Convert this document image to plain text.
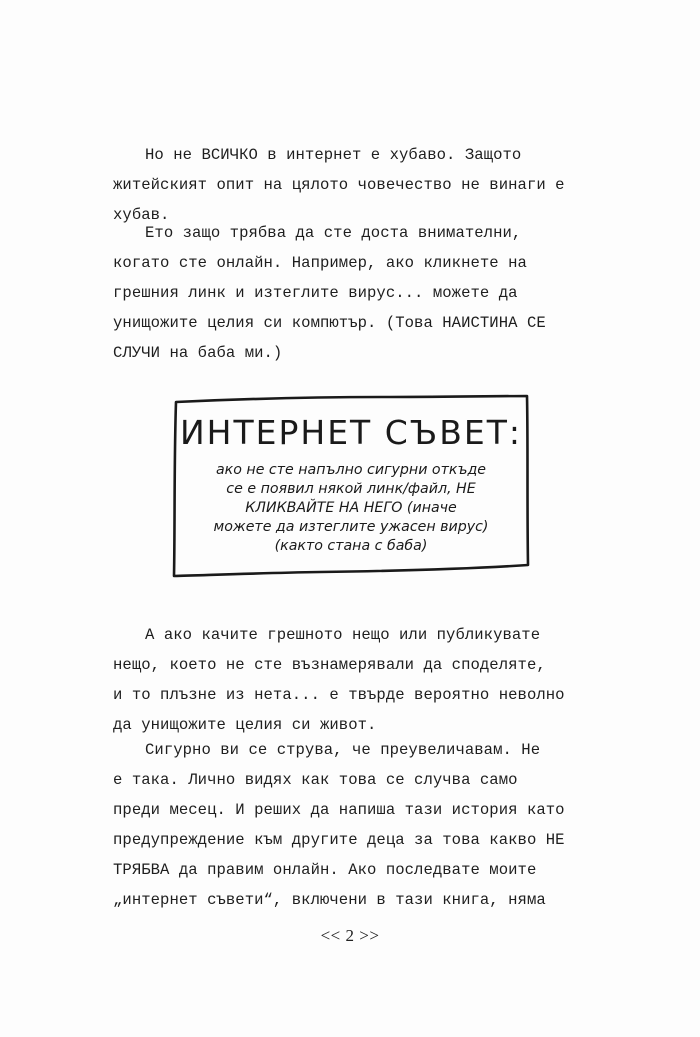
Но не ВСИЧКО в интернет е хубаво. Защото
житейският опит на цялото човечество не винаги е
хубав.

Ето защо трябва да сте доста внимателни,
когато сте онлайн. Например, ако кликнете на
грешния линк и изтеглите вирус... можете да
унищожите целия си компютър. (Това НАИСТИНА СЕ
СЛУЧИ на баба ми.)

ИНТЕРНЕТ СЪВЕТ:
ако не сте напълно сигурни откъде
се е появил някой линк/файл, НЕ
КЛИКВАЙТЕ НА НЕГО (иначе
можете да изтеглите ужасен вирус)
(както стана с баба)

А ако качите грешното нещо или публикувате
нещо, което не сте възнамерявали да споделяте,
и то плъзне из нета... е твърде вероятно неволно
да унищожите целия си живот.

Сигурно ви се струва, че преувеличавам. Не
е така. Лично видях как това се случва само
преди месец. И реших да напиша тази история като
предупреждение към другите деца за това какво НЕ
ТРЯБВА да правим онлайн. Ако последвате моите
„интернет съвети“, включени в тази книга, няма

<< 2 >>
